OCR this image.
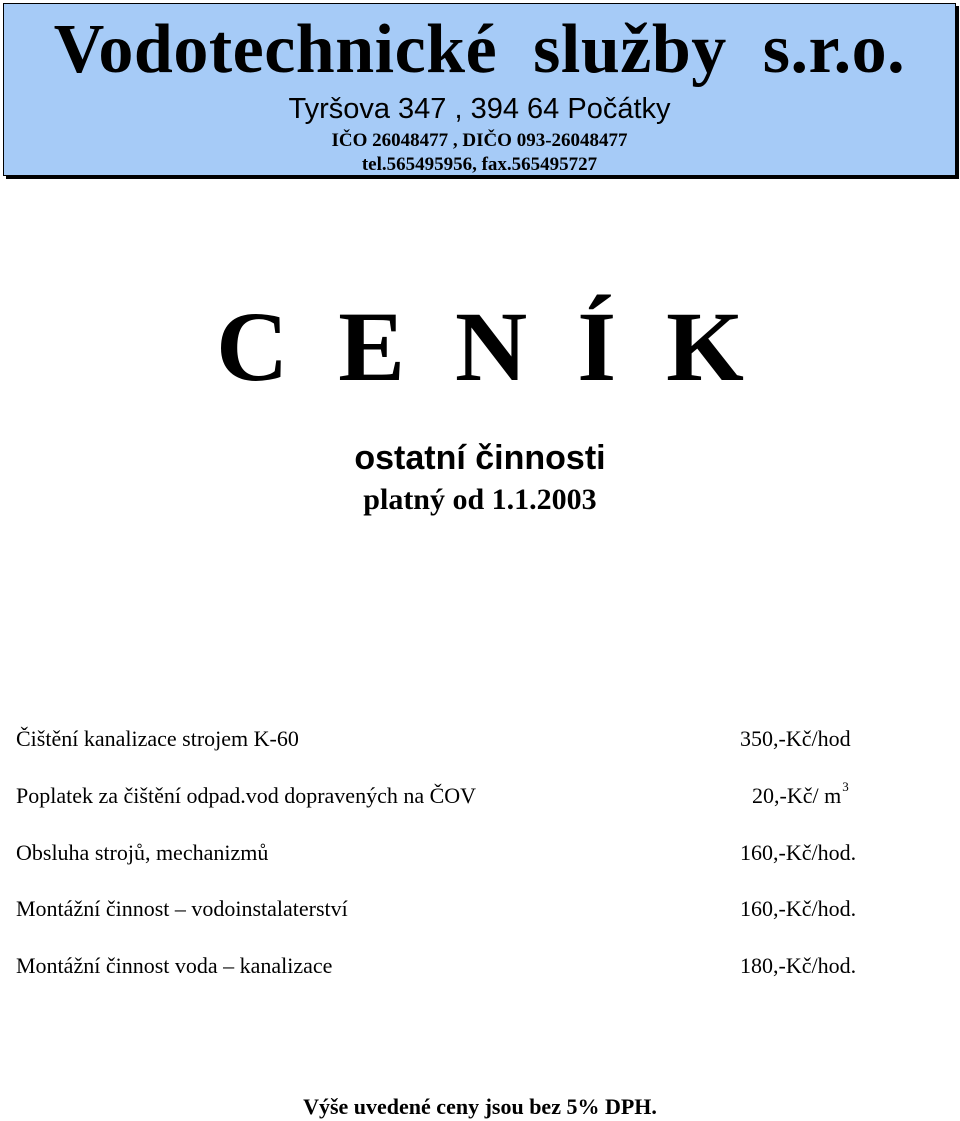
Vodotechnické  služby  s.r.o.
Tyršova 347 , 394 64 Počátky
IČO 26048477 , DIČO 093-26048477
tel.565495956, fax.565495727
C  E  N  Í  K
ostatní činnosti
platný od 1.1.2003
Čištění kanalizace strojem K-60	350,-Kč/hod
Poplatek za čištění odpad.vod dopravených na ČOV	20,-Kč/ $m^3$
Obsluha strojů, mechanizmů	160,-Kč/hod.
Montážní činnost – vodoinstalaterství	160,-Kč/hod.
Montážní činnost voda – kanalizace	180,-Kč/hod.
Výše uvedené ceny jsou bez 5% DPH.
